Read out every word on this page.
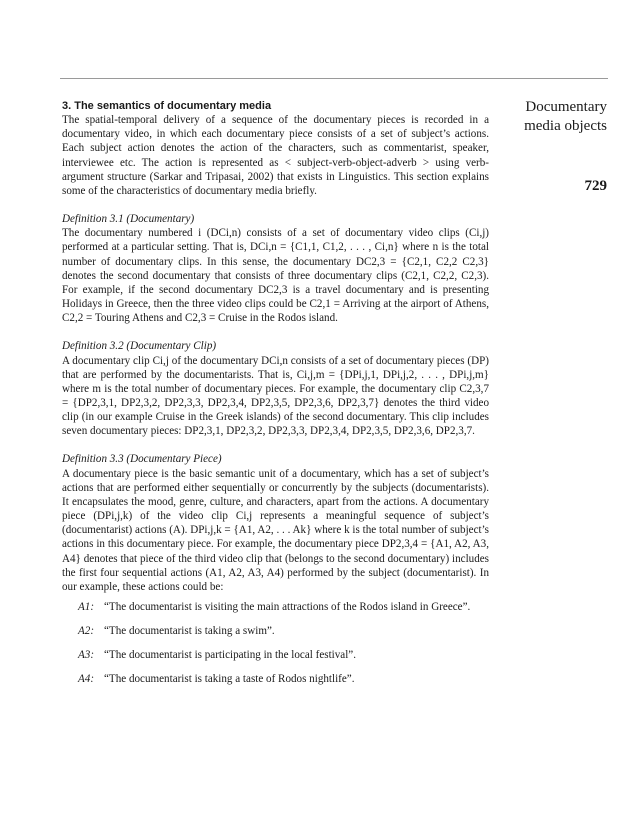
Documentary
media objects
729

3. The semantics of documentary media

The spatial-temporal delivery of a sequence of the documentary pieces is recorded in a documentary video, in which each documentary piece consists of a set of subject’s actions. Each subject action denotes the action of the characters, such as commentarist, speaker, interviewee etc. The action is represented as < subject-verb-object-adverb > using verb-argument structure (Sarkar and Tripasai, 2002) that exists in Linguistics. This section explains some of the characteristics of documentary media briefly.

Definition 3.1 (Documentary)

The documentary numbered i (DCi,n) consists of a set of documentary video clips (Ci,j) performed at a particular setting. That is, DCi,n = {C1,1, C1,2, . . . , Ci,n} where n is the total number of documentary clips. In this sense, the documentary DC2,3 = {C2,1, C2,2 C2,3} denotes the second documentary that consists of three documentary clips (C2,1, C2,2, C2,3). For example, if the second documentary DC2,3 is a travel documentary and is presenting Holidays in Greece, then the three video clips could be C2,1 = Arriving at the airport of Athens, C2,2 = Touring Athens and C2,3 = Cruise in the Rodos island.

Definition 3.2 (Documentary Clip)

A documentary clip Ci,j of the documentary DCi,n consists of a set of documentary pieces (DP) that are performed by the documentarists. That is, Ci,j,m = {DPi,j,1, DPi,j,2, . . . , DPi,j,m} where m is the total number of documentary pieces. For example, the documentary clip C2,3,7 = {DP2,3,1, DP2,3,2, DP2,3,3, DP2,3,4, DP2,3,5, DP2,3,6, DP2,3,7} denotes the third video clip (in our example Cruise in the Greek islands) of the second documentary. This clip includes seven documentary pieces: DP2,3,1, DP2,3,2, DP2,3,3, DP2,3,4, DP2,3,5, DP2,3,6, DP2,3,7.

Definition 3.3 (Documentary Piece)

A documentary piece is the basic semantic unit of a documentary, which has a set of subject’s actions that are performed either sequentially or concurrently by the subjects (documentarists). It encapsulates the mood, genre, culture, and characters, apart from the actions. A documentary piece (DPi,j,k) of the video clip Ci,j represents a meaningful sequence of subject’s (documentarist) actions (A). DPi,j,k = {A1, A2, . . . Ak} where k is the total number of subject’s actions in this documentary piece. For example, the documentary piece DP2,3,4 = {A1, A2, A3, A4} denotes that piece of the third video clip that (belongs to the second documentary) includes the first four sequential actions (A1, A2, A3, A4) performed by the subject (documentarist). In our example, these actions could be:

A1: “The documentarist is visiting the main attractions of the Rodos island in Greece”.
A2: “The documentarist is taking a swim”.
A3: “The documentarist is participating in the local festival”.
A4: “The documentarist is taking a taste of Rodos nightlife”.
